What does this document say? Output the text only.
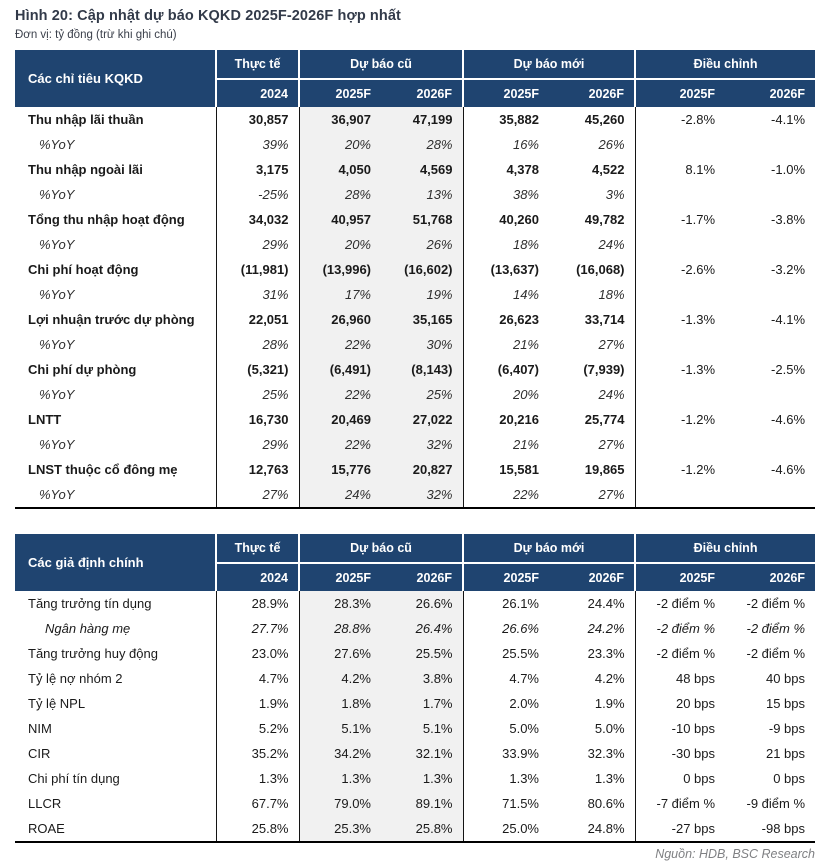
Hình 20: Cập nhật dự báo KQKD 2025F-2026F hợp nhất

Đơn vị: tỷ đồng (trừ khi ghi chú)

Các chỉ tiêu KQKD	Thực tế	Dự báo cũ		Dự báo mới		Điều chỉnh	
	2024	2025F	2026F	2025F	2026F	2025F	2026F
Thu nhập lãi thuần	30,857	36,907	47,199	35,882	45,260	-2.8%	-4.1%
%YoY	39%	20%	28%	16%	26%		
Thu nhập ngoài lãi	3,175	4,050	4,569	4,378	4,522	8.1%	-1.0%
%YoY	-25%	28%	13%	38%	3%		
Tổng thu nhập hoạt động	34,032	40,957	51,768	40,260	49,782	-1.7%	-3.8%
%YoY	29%	20%	26%	18%	24%		
Chi phí hoạt động	(11,981)	(13,996)	(16,602)	(13,637)	(16,068)	-2.6%	-3.2%
%YoY	31%	17%	19%	14%	18%		
Lợi nhuận trước dự phòng	22,051	26,960	35,165	26,623	33,714	-1.3%	-4.1%
%YoY	28%	22%	30%	21%	27%		
Chi phí dự phòng	(5,321)	(6,491)	(8,143)	(6,407)	(7,939)	-1.3%	-2.5%
%YoY	25%	22%	25%	20%	24%		
LNTT	16,730	20,469	27,022	20,216	25,774	-1.2%	-4.6%
%YoY	29%	22%	32%	21%	27%		
LNST thuộc cổ đông mẹ	12,763	15,776	20,827	15,581	19,865	-1.2%	-4.6%
%YoY	27%	24%	32%	22%	27%		
Các giả định chính	Thực tế	Dự báo cũ		Dự báo mới		Điều chỉnh	
	2024	2025F	2026F	2025F	2026F	2025F	2026F
Tăng trưởng tín dụng	28.9%	28.3%	26.6%	26.1%	24.4%	-2 điểm %	-2 điểm %
Ngân hàng mẹ	27.7%	28.8%	26.4%	26.6%	24.2%	-2 điểm %	-2 điểm %
Tăng trưởng huy động	23.0%	27.6%	25.5%	25.5%	23.3%	-2 điểm %	-2 điểm %
Tỷ lệ nợ nhóm 2	4.7%	4.2%	3.8%	4.7%	4.2%	48 bps	40 bps
Tỷ lệ NPL	1.9%	1.8%	1.7%	2.0%	1.9%	20 bps	15 bps
NIM	5.2%	5.1%	5.1%	5.0%	5.0%	-10 bps	-9 bps
CIR	35.2%	34.2%	32.1%	33.9%	32.3%	-30 bps	21 bps
Chi phí tín dụng	1.3%	1.3%	1.3%	1.3%	1.3%	0 bps	0 bps
LLCR	67.7%	79.0%	89.1%	71.5%	80.6%	-7 điểm %	-9 điểm %
ROAE	25.8%	25.3%	25.8%	25.0%	24.8%	-27 bps	-98 bps
Nguồn: HDB, BSC Research
